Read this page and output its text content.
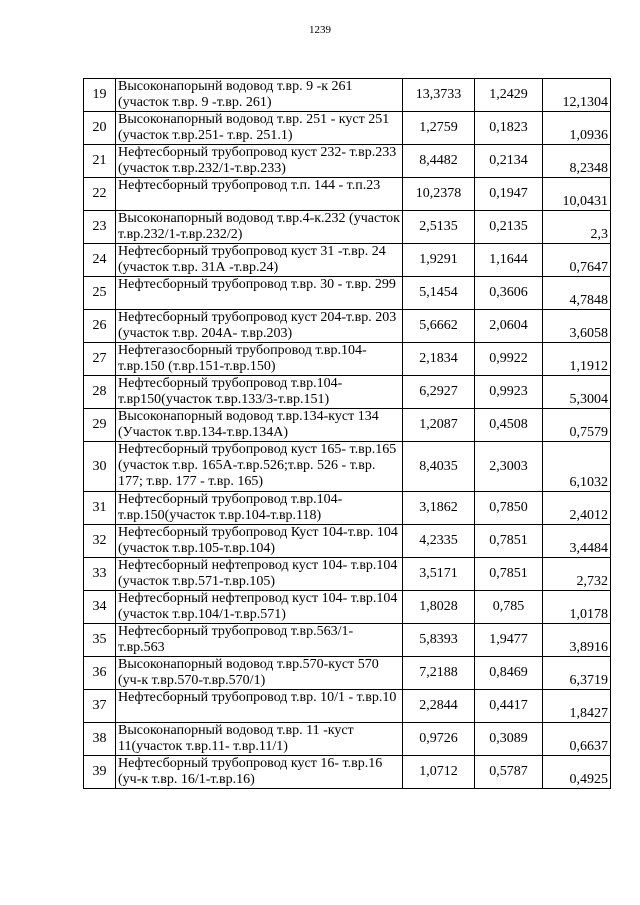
1239
19	Высоконапорынй водовод т.вр. 9 -к 261 (участок т.вр. 9 -т.вр. 261)	13,3733	1,2429	12,1304
20	Высоконапорный водовод т.вр. 251 - куст 251 (участок т.вр.251- т.вр. 251.1)	1,2759	0,1823	1,0936
21	Нефтесборный трубопровод куст 232- т.вр.233 (участок т.вр.232/1-т.вр.233)	8,4482	0,2134	8,2348
22	Нефтесборный трубопровод т.п. 144 - т.п.23	10,2378	0,1947	10,0431
23	Высоконапорный водовод т.вр.4-к.232 (участок т.вр.232/1-т.вр.232/2)	2,5135	0,2135	2,3
24	Нефтесборный трубопровод куст 31 -т.вр. 24 (участок т.вр. 31А -т.вр.24)	1,9291	1,1644	0,7647
25	Нефтесборный трубопровод т.вр. 30 - т.вр. 299	5,1454	0,3606	4,7848
26	Нефтесборный трубопровод куст 204-т.вр. 203 (участок т.вр. 204А- т.вр.203)	5,6662	2,0604	3,6058
27	Нефтегазосборный трубопровод т.вр.104- т.вр.150 (т.вр.151-т.вр.150)	2,1834	0,9922	1,1912
28	Нефтесборный трубопровод т.вр.104- т.вр150(участок т.вр.133/3-т.вр.151)	6,2927	0,9923	5,3004
29	Высоконапорный водовод т.вр.134-куст 134 (Участок т.вр.134-т.вр.134А)	1,2087	0,4508	0,7579
30	Нефтесборный трубопровод куст 165- т.вр.165 (участок т.вр. 165А-т.вр.526;т.вр. 526 - т.вр. 177; т.вр. 177 - т.вр. 165)	8,4035	2,3003	6,1032
31	Нефтесборный трубопровод т.вр.104- т.вр.150(участок т.вр.104-т.вр.118)	3,1862	0,7850	2,4012
32	Нефтесборный трубопровод Куст 104-т.вр. 104 (участок т.вр.105-т.вр.104)	4,2335	0,7851	3,4484
33	Нефтесборный нефтепровод куст 104- т.вр.104 (участок т.вр.571-т.вр.105)	3,5171	0,7851	2,732
34	Нефтесборный нефтепровод куст 104- т.вр.104 (участок т.вр.104/1-т.вр.571)	1,8028	0,785	1,0178
35	Нефтесборный трубопровод т.вр.563/1- т.вр.563	5,8393	1,9477	3,8916
36	Высоконапорный водовод т.вр.570-куст 570 (уч-к т.вр.570-т.вр.570/1)	7,2188	0,8469	6,3719
37	Нефтесборный трубопровод т.вр. 10/1 - т.вр.10	2,2844	0,4417	1,8427
38	Высоконапорный водовод т.вр. 11 -куст 11(участок т.вр.11- т.вр.11/1)	0,9726	0,3089	0,6637
39	Нефтесборный трубопровод куст 16- т.вр.16 (уч-к т.вр. 16/1-т.вр.16)	1,0712	0,5787	0,4925
